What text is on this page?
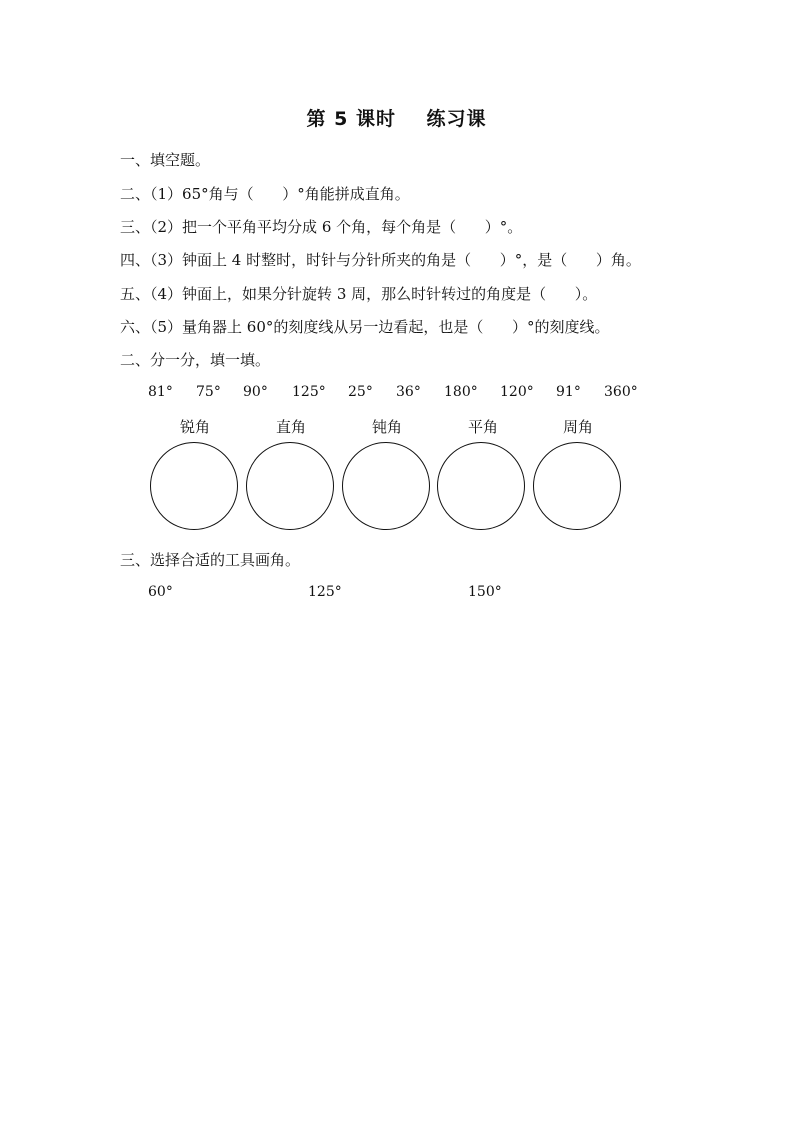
第 5 课时    练习课
一、填空题。
二、（1）65°角与（      ）°角能拼成直角。
三、（2）把一个平角平均分成 6 个角，每个角是（      ）°。
四、（3）钟面上 4 时整时，时针与分针所夹的角是（      ）°，是（      ）角。
五、（4）钟面上，如果分针旋转 3 周，那么时针转过的角度是（      ）。
六、（5）量角器上 60°的刻度线从另一边看起，也是（      ）°的刻度线。
二、分一分，填一填。
81° 75° 90° 125° 25° 36° 180° 120° 91° 360°
锐角	直角	钝角	平角	周角
三、选择合适的工具画角。
60°	125°	150°
